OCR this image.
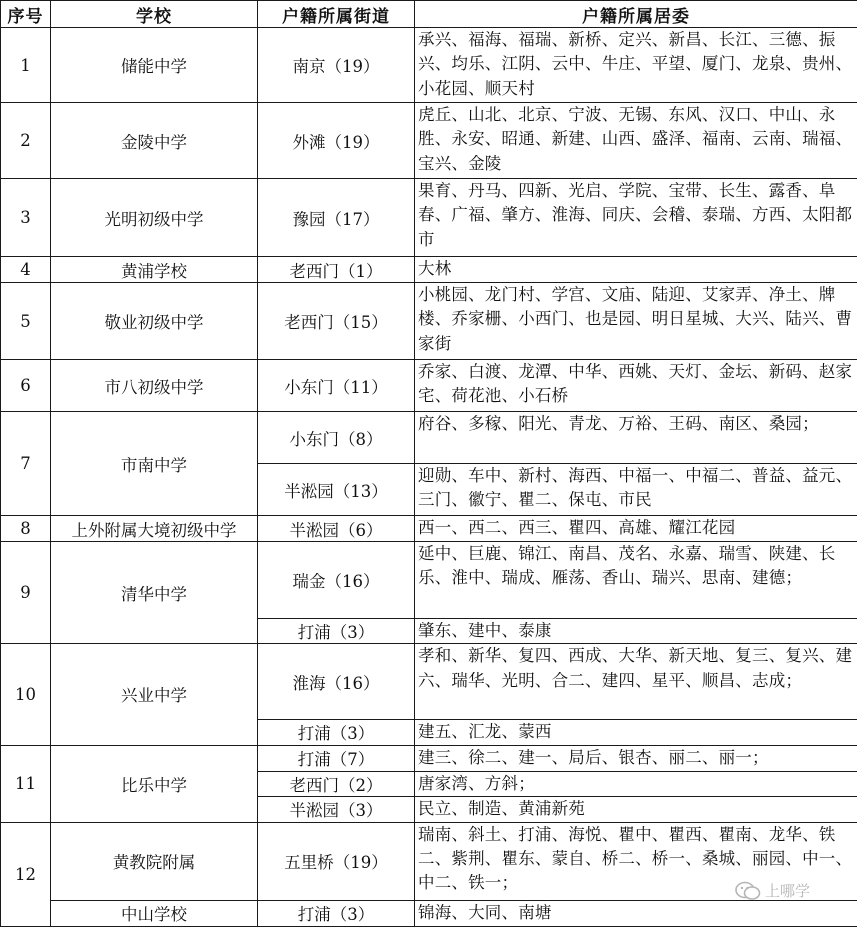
序号	学校	户籍所属街道	户籍所属居委
1	储能中学	南京（19）	承兴、福海、福瑞、新桥、定兴、新昌、长江、三德、振兴、均乐、江阴、云中、牛庄、平望、厦门、龙泉、贵州、小花园、顺天村
2	金陵中学	外滩（19）	虎丘、山北、北京、宁波、无锡、东风、汉口、中山、永胜、永安、昭通、新建、山西、盛泽、福南、云南、瑞福、宝兴、金陵
3	光明初级中学	豫园（17）	果育、丹马、四新、光启、学院、宝带、长生、露香、阜春、广福、肇方、淮海、同庆、会稽、泰瑞、方西、太阳都市
4	黄浦学校	老西门（1）	大林
5	敬业初级中学	老西门（15）	小桃园、龙门村、学宫、文庙、陆迎、艾家弄、净土、牌楼、乔家栅、小西门、也是园、明日星城、大兴、陆兴、曹家街
6	市八初级中学	小东门（11）	乔家、白渡、龙潭、中华、西姚、天灯、金坛、新码、赵家宅、荷花池、小石桥
7	市南中学	小东门（8）	府谷、多稼、阳光、青龙、万裕、王码、南区、桑园；
		半淞园（13）	迎勋、车中、新村、海西、中福一、中福二、普益、益元、三门、徽宁、瞿二、保屯、市民
8	上外附属大境初级中学	半淞园（6）	西一、西二、西三、瞿四、高雄、耀江花园
9	清华中学	瑞金（16）	延中、巨鹿、锦江、南昌、茂名、永嘉、瑞雪、陕建、长乐、淮中、瑞成、雁荡、香山、瑞兴、思南、建德；
		打浦（3）	肇东、建中、泰康
10	兴业中学	淮海（16）	孝和、新华、复四、西成、大华、新天地、复三、复兴、建六、瑞华、光明、合二、建四、星平、顺昌、志成；
		打浦（3）	建五、汇龙、蒙西
11	比乐中学	打浦（7）	建三、徐二、建一、局后、银杏、丽二、丽一；
		老西门（2）	唐家湾、方斜；
		半淞园（3）	民立、制造、黄浦新苑
12	黄教院附属	五里桥（19）	瑞南、斜土、打浦、海悦、瞿中、瞿西、瞿南、龙华、铁二、紫荆、瞿东、蒙自、桥二、桥一、桑城、丽园、中一、中二、铁一；
	中山学校	打浦（3）	锦海、大同、南塘
上哪学
